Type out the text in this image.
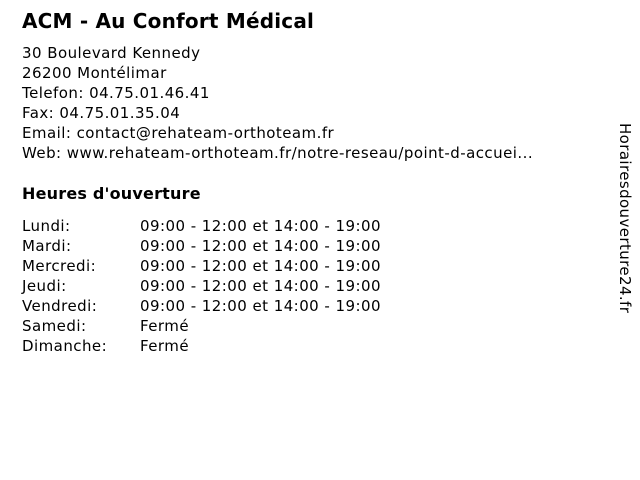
ACM - Au Confort Médical
30 Boulevard Kennedy
26200 Montélimar
Telefon: 04.75.01.46.41
Fax: 04.75.01.35.04
Email: contact@rehateam-orthoteam.fr
Web: www.rehateam-orthoteam.fr/notre-reseau/point-d-accuei...
Heures d'ouverture
Lundi:	09:00 - 12:00 et 14:00 - 19:00
Mardi:	09:00 - 12:00 et 14:00 - 19:00
Mercredi:	09:00 - 12:00 et 14:00 - 19:00
Jeudi:	09:00 - 12:00 et 14:00 - 19:00
Vendredi:	09:00 - 12:00 et 14:00 - 19:00
Samedi:	Fermé
Dimanche: Fermé
Horairesdouverture24.fr
